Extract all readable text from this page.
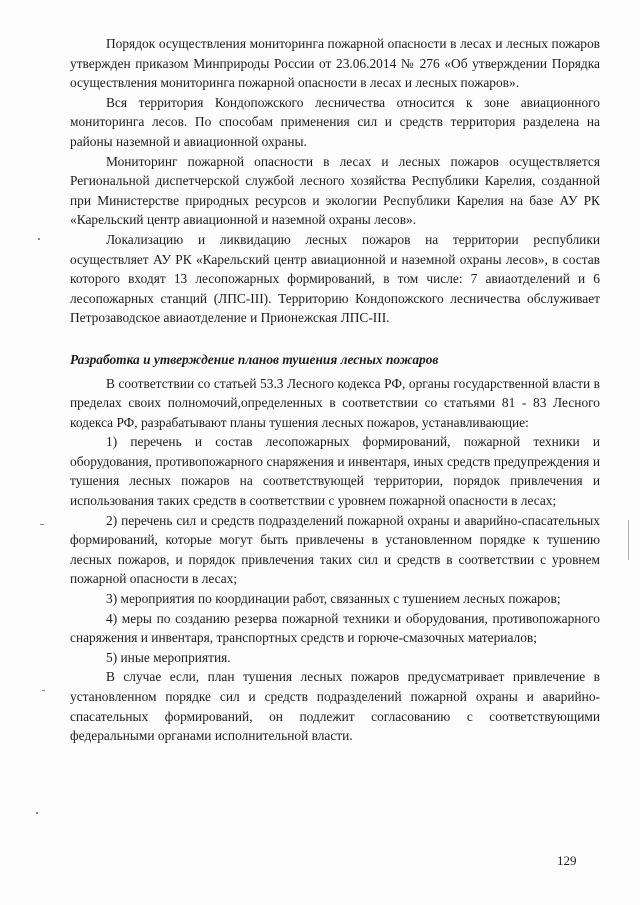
Порядок осуществления мониторинга пожарной опасности в лесах и лесных пожаров утвержден приказом Минприроды России от 23.06.2014 № 276 «Об утверждении Порядка осуществления мониторинга пожарной опасности в лесах и лесных пожаров».

Вся территория Кондопожского лесничества относится к зоне авиационного мониторинга лесов. По способам применения сил и средств территория разделена на районы наземной и авиационной охраны.

Мониторинг пожарной опасности в лесах и лесных пожаров осуществляется Региональной диспетчерской службой лесного хозяйства Республики Карелия, созданной при Министерстве природных ресурсов и экологии Республики Карелия на базе АУ РК «Карельский центр авиационной и наземной охраны лесов».

Локализацию и ликвидацию лесных пожаров на территории республики осуществляет АУ РК «Карельский центр авиационной и наземной охраны лесов», в состав которого входят 13 лесопожарных формирований, в том числе: 7 авиаотделений и 6 лесопожарных станций (ЛПС-III). Территорию Кондопожского лесничества обслуживает Петрозаводское авиаотделение и Прионежская ЛПС-III.

Разработка и утверждение планов тушения лесных пожаров

В соответствии со статьей 53.3 Лесного кодекса РФ, органы государственной власти в пределах своих полномочий,определенных в соответствии со статьями 81 - 83 Лесного кодекса РФ, разрабатывают планы тушения лесных пожаров, устанавливающие:

1) перечень и состав лесопожарных формирований, пожарной техники и оборудования, противопожарного снаряжения и инвентаря, иных средств предупреждения и тушения лесных пожаров на соответствующей территории, порядок привлечения и использования таких средств в соответствии с уровнем пожарной опасности в лесах;

2) перечень сил и средств подразделений пожарной охраны и аварийно-спасательных формирований, которые могут быть привлечены в установленном порядке к тушению лесных пожаров, и порядок привлечения таких сил и средств в соответствии с уровнем пожарной опасности в лесах;

3) мероприятия по координации работ, связанных с тушением лесных пожаров;

4) меры по созданию резерва пожарной техники и оборудования, противопожарного снаряжения и инвентаря, транспортных средств и горюче-смазочных материалов;

5) иные мероприятия.

В случае если, план тушения лесных пожаров предусматривает привлечение в установленном порядке сил и средств подразделений пожарной охраны и аварийно-спасательных формирований, он подлежит согласованию с соответствующими федеральными органами исполнительной власти.

129
